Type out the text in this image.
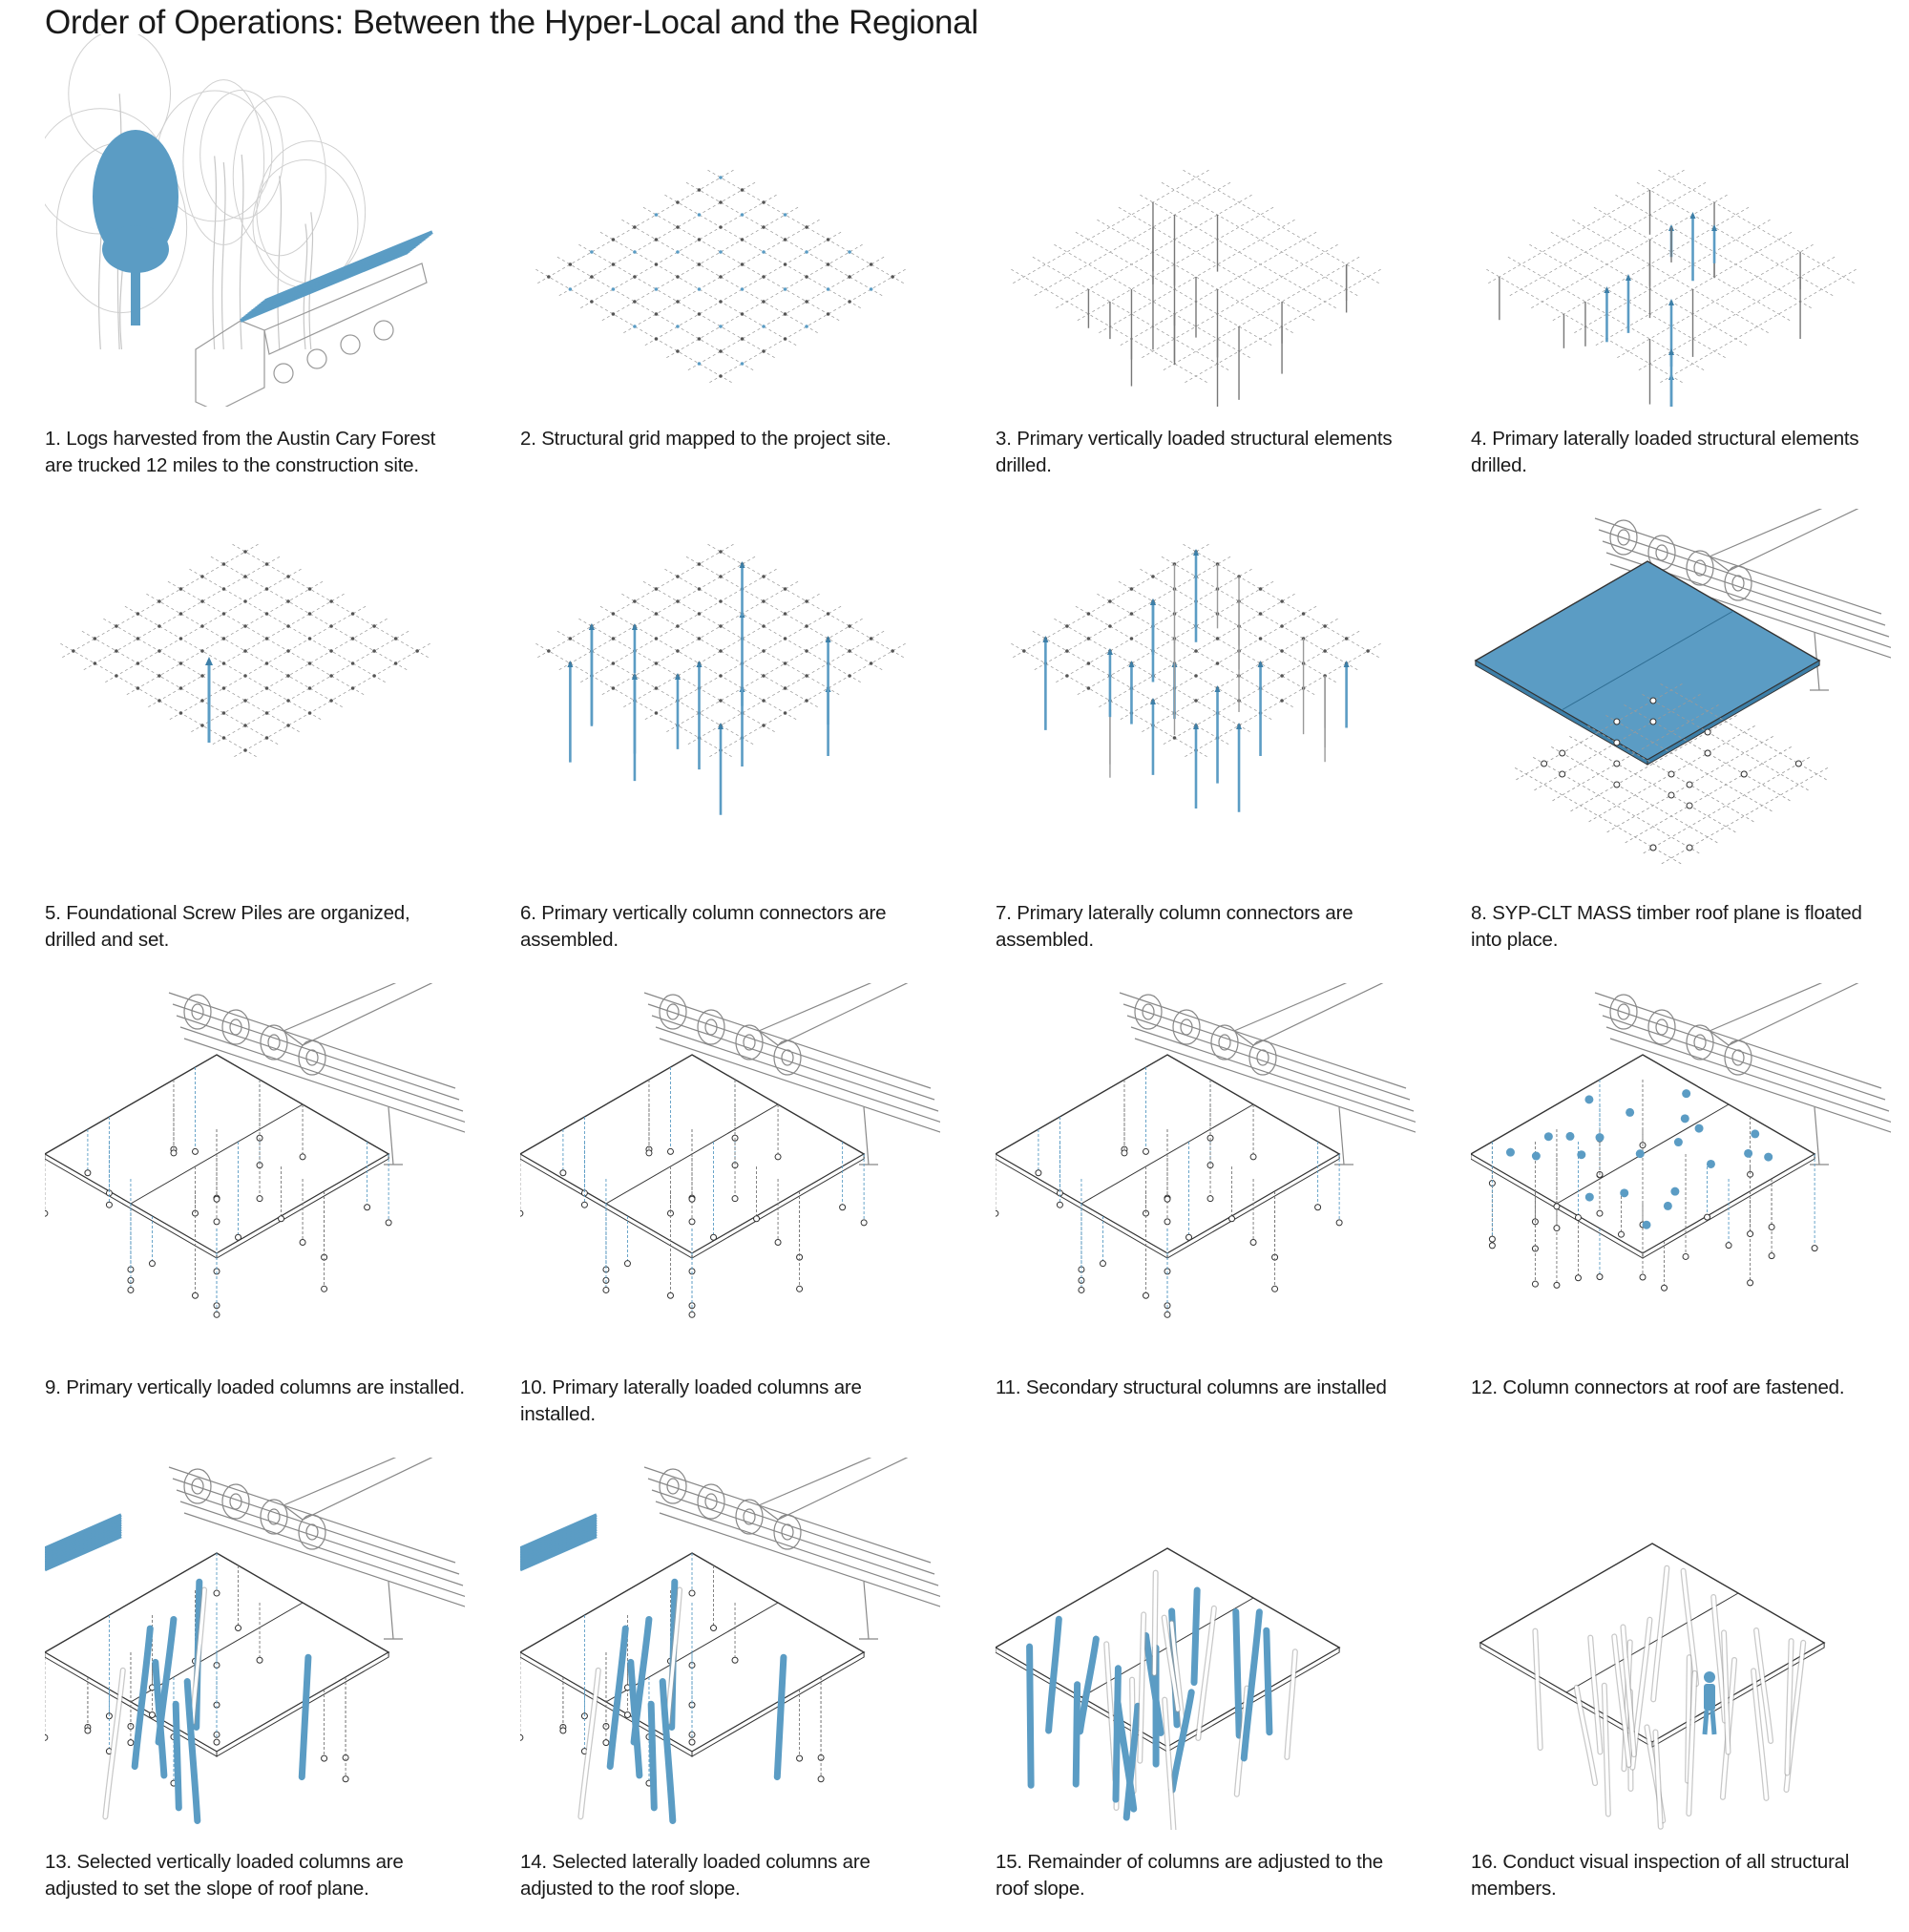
Order of Operations: Between the Hyper-Local and the Regional
1. Logs harvested from the Austin Cary Forest are trucked 12 miles to the construction site.
2. Structural grid mapped to the project site.	3. Primary vertically loaded structural elements drilled.
4. Primary laterally loaded structural elements drilled.
5. Foundational Screw Piles are organized, drilled and set.
6. Primary vertically column connectors are assembled.
7. Primary laterally column connectors are assembled.
8. SYP-CLT MASS timber roof plane is floated into place.
9. Primary vertically loaded columns are installed.	10. Primary laterally loaded columns are installed.
11. Secondary structural columns are installed	12. Column connectors at roof are fastened.
13. Selected vertically loaded columns are adjusted to set the slope of roof plane.
14. Selected laterally loaded columns are adjusted to the roof slope.
15. Remainder of columns are adjusted to the roof slope.
16. Conduct visual inspection of all structural members.
